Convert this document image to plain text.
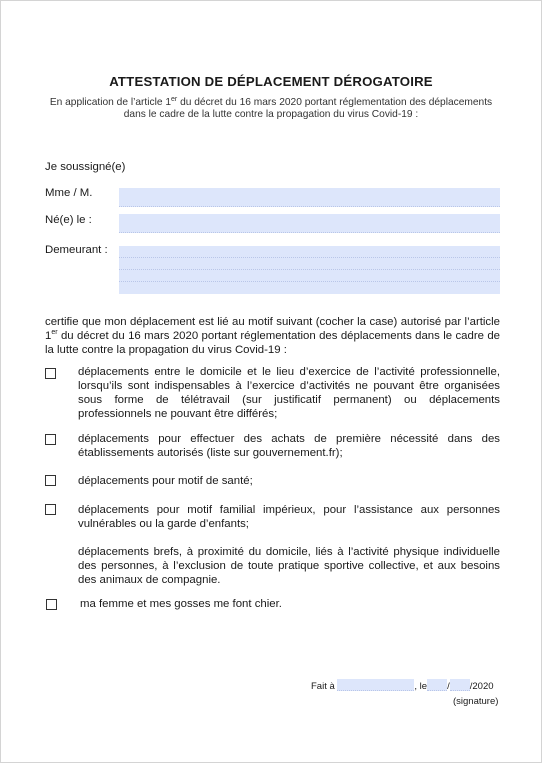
ATTESTATION DE DÉPLACEMENT DÉROGATOIRE
En application de l’article 1er du décret du 16 mars 2020 portant réglementation des déplacements dans le cadre de la lutte contre la propagation du virus Covid-19 :
Je soussigné(e)
Mme / M.
Né(e) le :
Demeurant :
certifie que mon déplacement est lié au motif suivant (cocher la case) autorisé par l’article 1er du décret du 16 mars 2020 portant réglementation des déplacements dans le cadre de la lutte contre la propagation du virus Covid-19 :
déplacements entre le domicile et le lieu d’exercice de l’activité professionnelle, lorsqu’ils sont indispensables à l’exercice d’activités ne pouvant être organisées sous forme de télétravail (sur justificatif permanent) ou déplacements professionnels ne pouvant être différés;
déplacements pour effectuer des achats de première nécessité dans des établissements autorisés (liste sur gouvernement.fr);
déplacements pour motif de santé;
déplacements pour motif familial impérieux, pour l’assistance aux personnes vulnérables ou la garde d’enfants;
déplacements brefs, à proximité du domicile, liés à l’activité physique individuelle des personnes, à l’exclusion de toute pratique sportive collective, et aux besoins des animaux de compagnie.
ma femme et mes gosses me font chier.
Fait à	, le / /2020
(signature)
